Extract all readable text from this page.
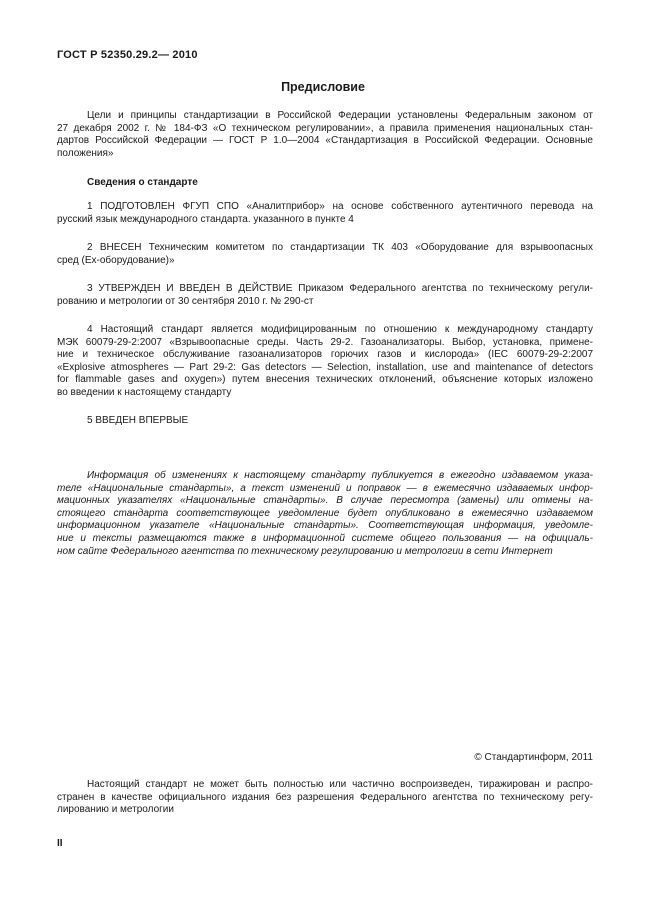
ГОСТ Р 52350.29.2— 2010
Предисловие
Цели и принципы стандартизации в Российской Федерации установлены Федеральным законом от
27 декабря 2002 г. № 184-ФЗ «О техническом регулировании», а правила применения национальных стан-
дартов Российской Федерации — ГОСТ Р 1.0—2004 «Стандартизация в Российской Федерации. Основные
положения»
Сведения о стандарте
1 ПОДГОТОВЛЕН ФГУП СПО «Аналитприбор» на основе собственного аутентичного перевода на
русский язык международного стандарта. указанного в пункте 4
2 ВНЕСЕН Техническим комитетом по стандартизации ТК 403 «Оборудование для взрывоопасных
сред (Ex-оборудование)»
3 УТВЕРЖДЕН И ВВЕДЕН В ДЕЙСТВИЕ Приказом Федерального агентства по техническому регули-
рованию и метрологии от 30 сентября 2010 г. № 290-ст
4 Настоящий стандарт является модифицированным по отношению к международному стандарту
МЭК 60079-29-2:2007 «Взрывоопасные среды. Часть 29-2. Газоанализаторы. Выбор, установка, примене-
ние и техническое обслуживание газоанализаторов горючих газов и кислорода» (IEC 60079-29-2:2007
«Explosive atmospheres — Part 29-2: Gas detectors — Selection, installation, use and maintenance of detectors
for flammable gases and oxygen») путем внесения технических отклонений, объяснение которых изложено
во введении к настоящему стандарту
5 ВВЕДЕН ВПЕРВЫЕ
Информация об изменениях к настоящему стандарту публикуется в ежегодно издаваемом указа-
теле «Национальные стандарты», а текст изменений и поправок — в ежемесячно издаваемых инфор-
мационных указателях «Национальные стандарты». В случае пересмотра (замены) или отмены на-
стоящего стандарта соответствующее уведомление будет опубликовано в ежемесячно издаваемом
информационном указателе «Национальные стандарты». Соответствующая информация, уведомле-
ние и тексты размещаются также в информационной системе общего пользования — на официаль-
ном сайте Федерального агентства по техническому регулированию и метрологии в сети Интернет
© Стандартинформ, 2011
Настоящий стандарт не может быть полностью или частично воспроизведен, тиражирован и распро-
странен в качестве официального издания без разрешения Федерального агентства по техническому регу-
лированию и метрологии
II
